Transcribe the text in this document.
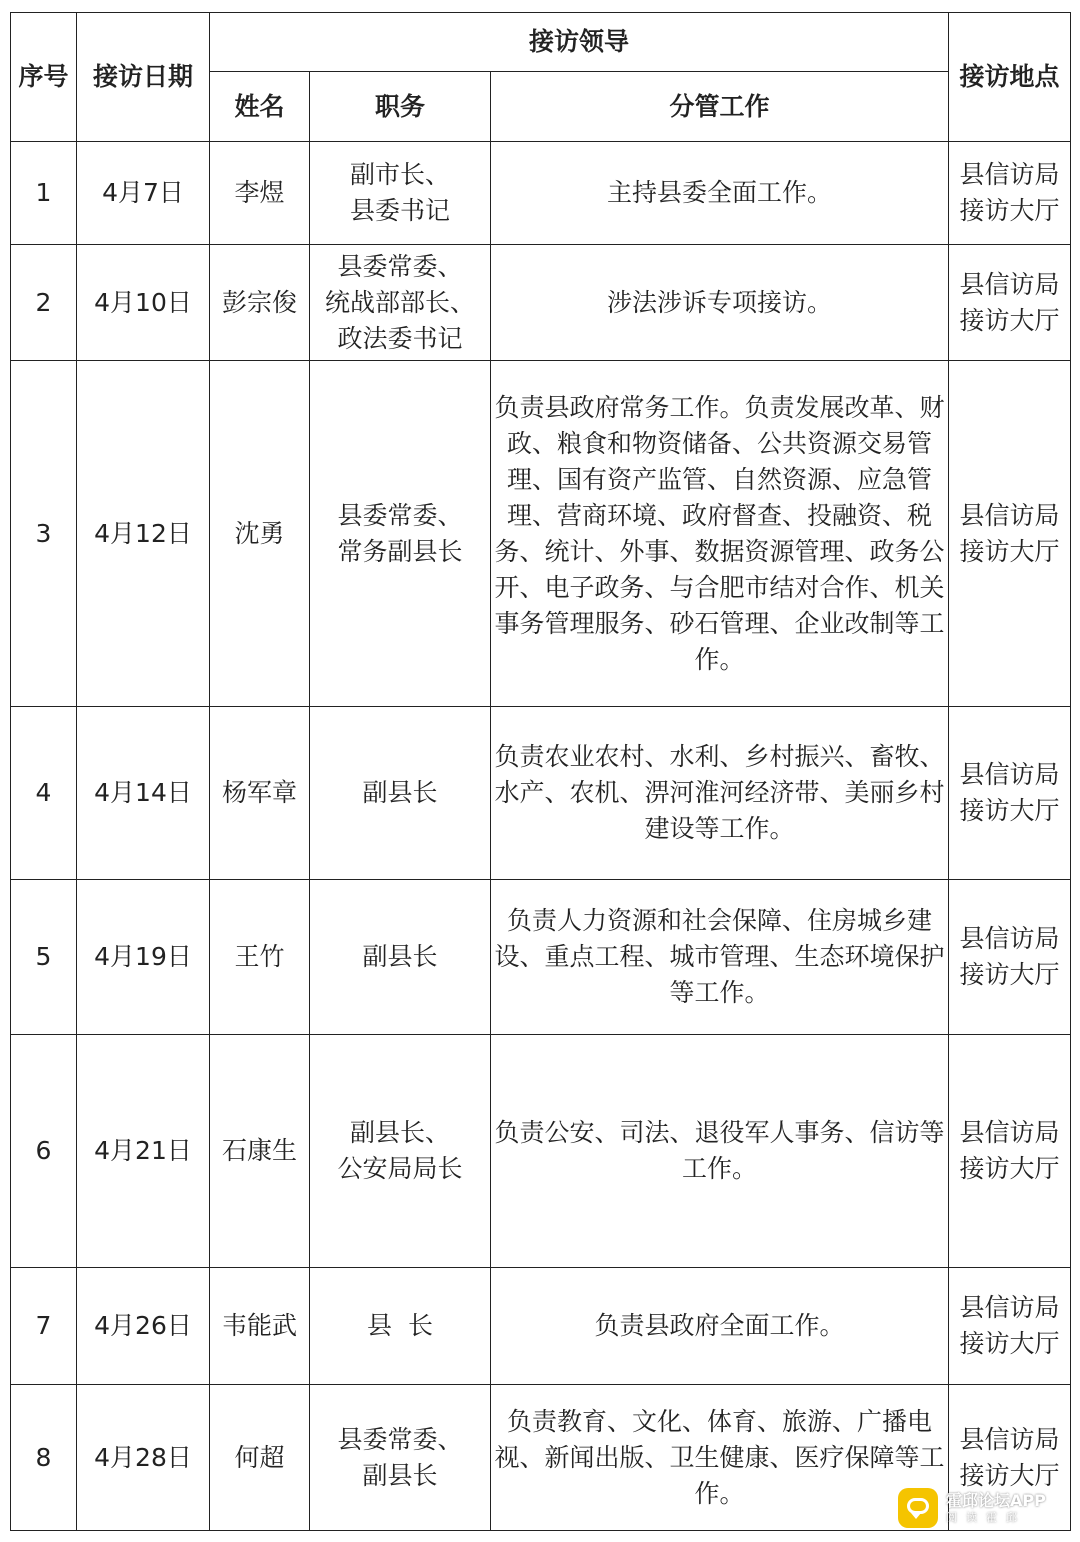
序号	接访日期	接访领导			接访地点
		姓名	职务	分管工作	
1	4月7日	李煜	副市长、
县委书记	主持县委全面工作。	县信访局
接访大厅

2	4月10日	彭宗俊	县委常委、
统战部部长、
政法委书记	涉法涉诉专项接访。	县信访局
接访大厅

3	4月12日	沈勇	县委常委、
常务副县长	负责县政府常务工作。负责发展改革、财政、粮食和物资储备、公共资源交易管理、国有资产监管、自然资源、应急管理、营商环境、政府督查、投融资、税务、统计、外事、数据资源管理、政务公开、电子政务、与合肥市结对合作、机关事务管理服务、砂石管理、企业改制等工作。	县信访局
接访大厅

4	4月14日	杨军章	副县长	负责农业农村、水利、乡村振兴、畜牧、水产、农机、淠河淮河经济带、美丽乡村建设等工作。	县信访局
接访大厅

5	4月19日	王竹	副县长	负责人力资源和社会保障、住房城乡建设、重点工程、城市管理、生态环境保护等工作。	县信访局
接访大厅

6	4月21日	石康生	副县长、
公安局局长	负责公安、司法、退役军人事务、信访等工作。	县信访局
接访大厅

7	4月26日	韦能武	县  长	负责县政府全面工作。	县信访局
接访大厅

8	4月28日	何超	县委常委、
副县长	负责教育、文化、体育、旅游、广播电视、新闻出版、卫生健康、医疗保障等工作。	县信访局
接访大厅
霍邱论坛APP
阅读霍邱
